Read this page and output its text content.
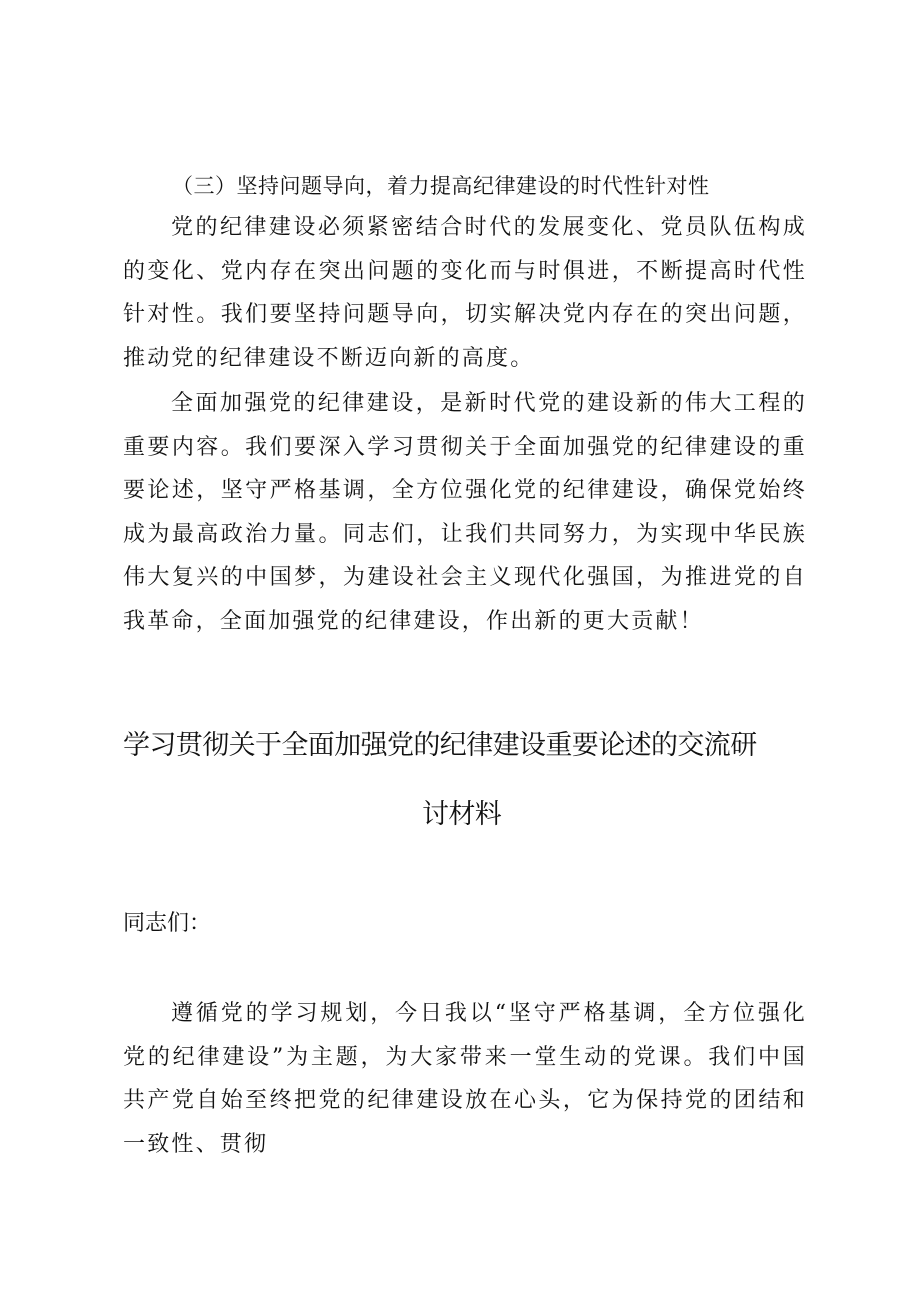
（三）坚持问题导向，着力提高纪律建设的时代性针对性

党的纪律建设必须紧密结合时代的发展变化、党员队伍构成的变化、党内存在突出问题的变化而与时俱进，不断提高时代性针对性。我们要坚持问题导向，切实解决党内存在的突出问题，推动党的纪律建设不断迈向新的高度。

全面加强党的纪律建设，是新时代党的建设新的伟大工程的重要内容。我们要深入学习贯彻关于全面加强党的纪律建设的重要论述，坚守严格基调，全方位强化党的纪律建设，确保党始终成为最高政治力量。同志们，让我们共同努力，为实现中华民族伟大复兴的中国梦，为建设社会主义现代化强国，为推进党的自我革命，全面加强党的纪律建设，作出新的更大贡献！

学习贯彻关于全面加强党的纪律建设重要论述的交流研
讨材料
同志们：

遵循党的学习规划，今日我以“坚守严格基调，全方位强化党的纪律建设”为主题，为大家带来一堂生动的党课。我们中国共产党自始至终把党的纪律建设放在心头，它为保持党的团结和一致性、贯彻
